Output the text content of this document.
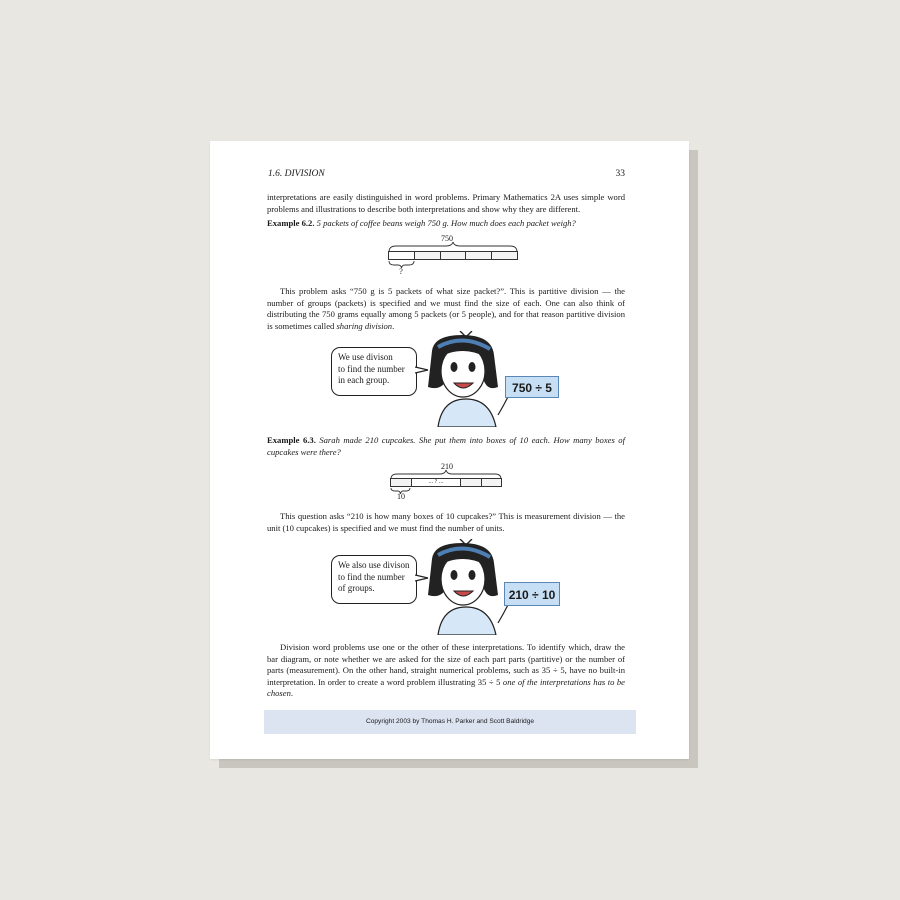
1.6. DIVISION	33
interpretations are easily distinguished in word problems. Primary Mathematics 2A uses simple word problems and illustrations to describe both interpretations and show why they are different.
Example 6.2. 5 packets of coffee beans weigh 750 g. How much does each packet weigh?
750
?
This problem asks “750 g is 5 packets of what size packet?”. This is partitive division — the number of groups (packets) is specified and we must find the size of each. One can also think of distributing the 750 grams equally among 5 packets (or 5 people), and for that reason partitive division is sometimes called sharing division.
We use divison
to find the number
in each group.
750 ÷ 5
Example 6.3. Sarah made 210 cupcakes. She put them into boxes of 10 each. How many boxes of cupcakes were there?
210
... ? ...
10
This question asks “210 is how many boxes of 10 cupcakes?” This is measurement division — the unit (10 cupcakes) is specified and we must find the number of units.
We also use divison
to find the number
of groups.	210 ÷ 10
Division word problems use one or the other of these interpretations. To identify which, draw the bar diagram, or note whether we are asked for the size of each part parts (partitive) or the number of parts (measurement). On the other hand, straight numerical problems, such as 35 ÷ 5, have no built-in interpretation. In order to create a word problem illustrating 35 ÷ 5 one of the interpretations has to be chosen.
Copyright 2003 by Thomas H. Parker and Scott Baldridge
